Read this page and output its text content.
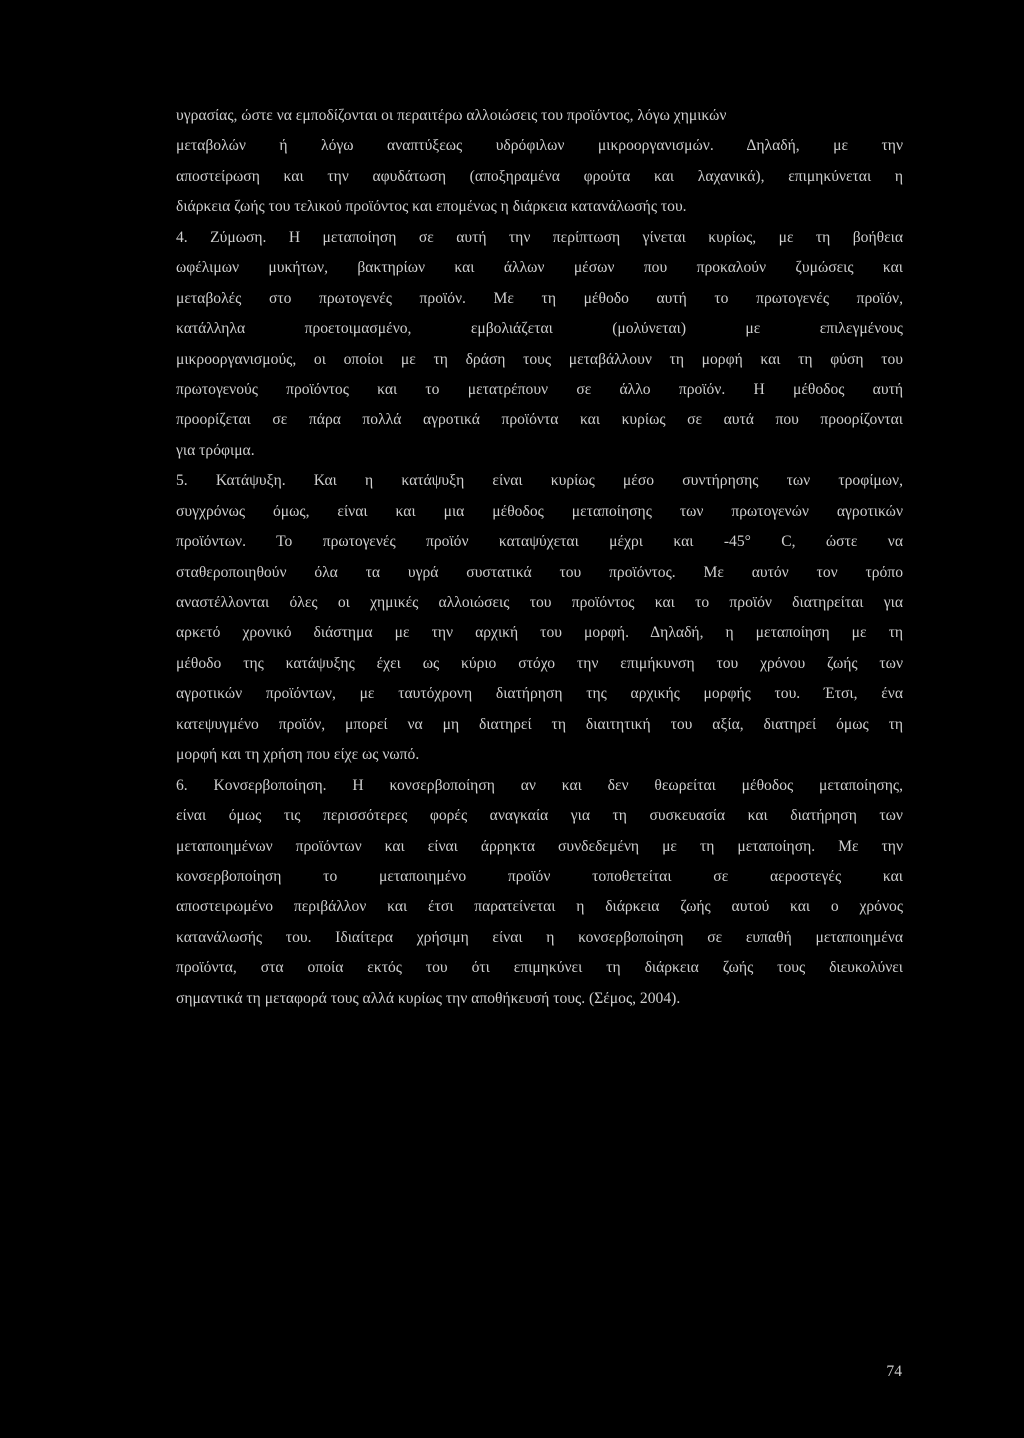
υγρασίας, ώστε να εμποδίζονται οι περαιτέρω αλλοιώσεις του προϊόντος, λόγω χημικών
μεταβολών ή λόγω αναπτύξεως υδρόφιλων μικροοργανισμών. Δηλαδή, με την
αποστείρωση και την αφυδάτωση (αποξηραμένα φρούτα και λαχανικά), επιμηκύνεται η
διάρκεια ζωής του τελικού προϊόντος και επομένως η διάρκεια κατανάλωσής του.
4. Ζύμωση. Η μεταποίηση σε αυτή την περίπτωση γίνεται κυρίως, με τη βοήθεια
ωφέλιμων μυκήτων, βακτηρίων και άλλων μέσων που προκαλούν ζυμώσεις και
μεταβολές στο πρωτογενές προϊόν. Με τη μέθοδο αυτή το πρωτογενές προϊόν,
κατάλληλα προετοιμασμένο, εμβολιάζεται (μολύνεται) με επιλεγμένους
μικροοργανισμούς, οι οποίοι με τη δράση τους μεταβάλλουν τη μορφή και τη φύση του
πρωτογενούς προϊόντος και το μετατρέπουν σε άλλο προϊόν. Η μέθοδος αυτή
προορίζεται σε πάρα πολλά αγροτικά προϊόντα και κυρίως σε αυτά που προορίζονται
για τρόφιμα.
5. Κατάψυξη. Και η κατάψυξη είναι κυρίως μέσο συντήρησης των τροφίμων,
συγχρόνως όμως, είναι και μια μέθοδος μεταποίησης των πρωτογενών αγροτικών
προϊόντων. Το πρωτογενές προϊόν καταψύχεται μέχρι και -45° C, ώστε να
σταθεροποιηθούν όλα τα υγρά συστατικά του προϊόντος. Με αυτόν τον τρόπο
αναστέλλονται όλες οι χημικές αλλοιώσεις του προϊόντος και το προϊόν διατηρείται για
αρκετό χρονικό διάστημα με την αρχική του μορφή. Δηλαδή, η μεταποίηση με τη
μέθοδο της κατάψυξης έχει ως κύριο στόχο την επιμήκυνση του χρόνου ζωής των
αγροτικών προϊόντων, με ταυτόχρονη διατήρηση της αρχικής μορφής του. Έτσι, ένα
κατεψυγμένο προϊόν, μπορεί να μη διατηρεί τη διαιτητική του αξία, διατηρεί όμως τη
μορφή και τη χρήση που είχε ως νωπό.
6. Κονσερβοποίηση. Η κονσερβοποίηση αν και δεν θεωρείται μέθοδος μεταποίησης,
είναι όμως τις περισσότερες φορές αναγκαία για τη συσκευασία και διατήρηση των
μεταποιημένων προϊόντων και είναι άρρηκτα συνδεδεμένη με τη μεταποίηση. Με την
κονσερβοποίηση το μεταποιημένο προϊόν τοποθετείται σε αεροστεγές και
αποστειρωμένο περιβάλλον και έτσι παρατείνεται η διάρκεια ζωής αυτού και ο χρόνος
κατανάλωσής του. Ιδιαίτερα χρήσιμη είναι η κονσερβοποίηση σε ευπαθή μεταποιημένα
προϊόντα, στα οποία εκτός του ότι επιμηκύνει τη διάρκεια ζωής τους διευκολύνει
σημαντικά τη μεταφορά τους αλλά κυρίως την αποθήκευσή τους. (Σέμος, 2004).
74
